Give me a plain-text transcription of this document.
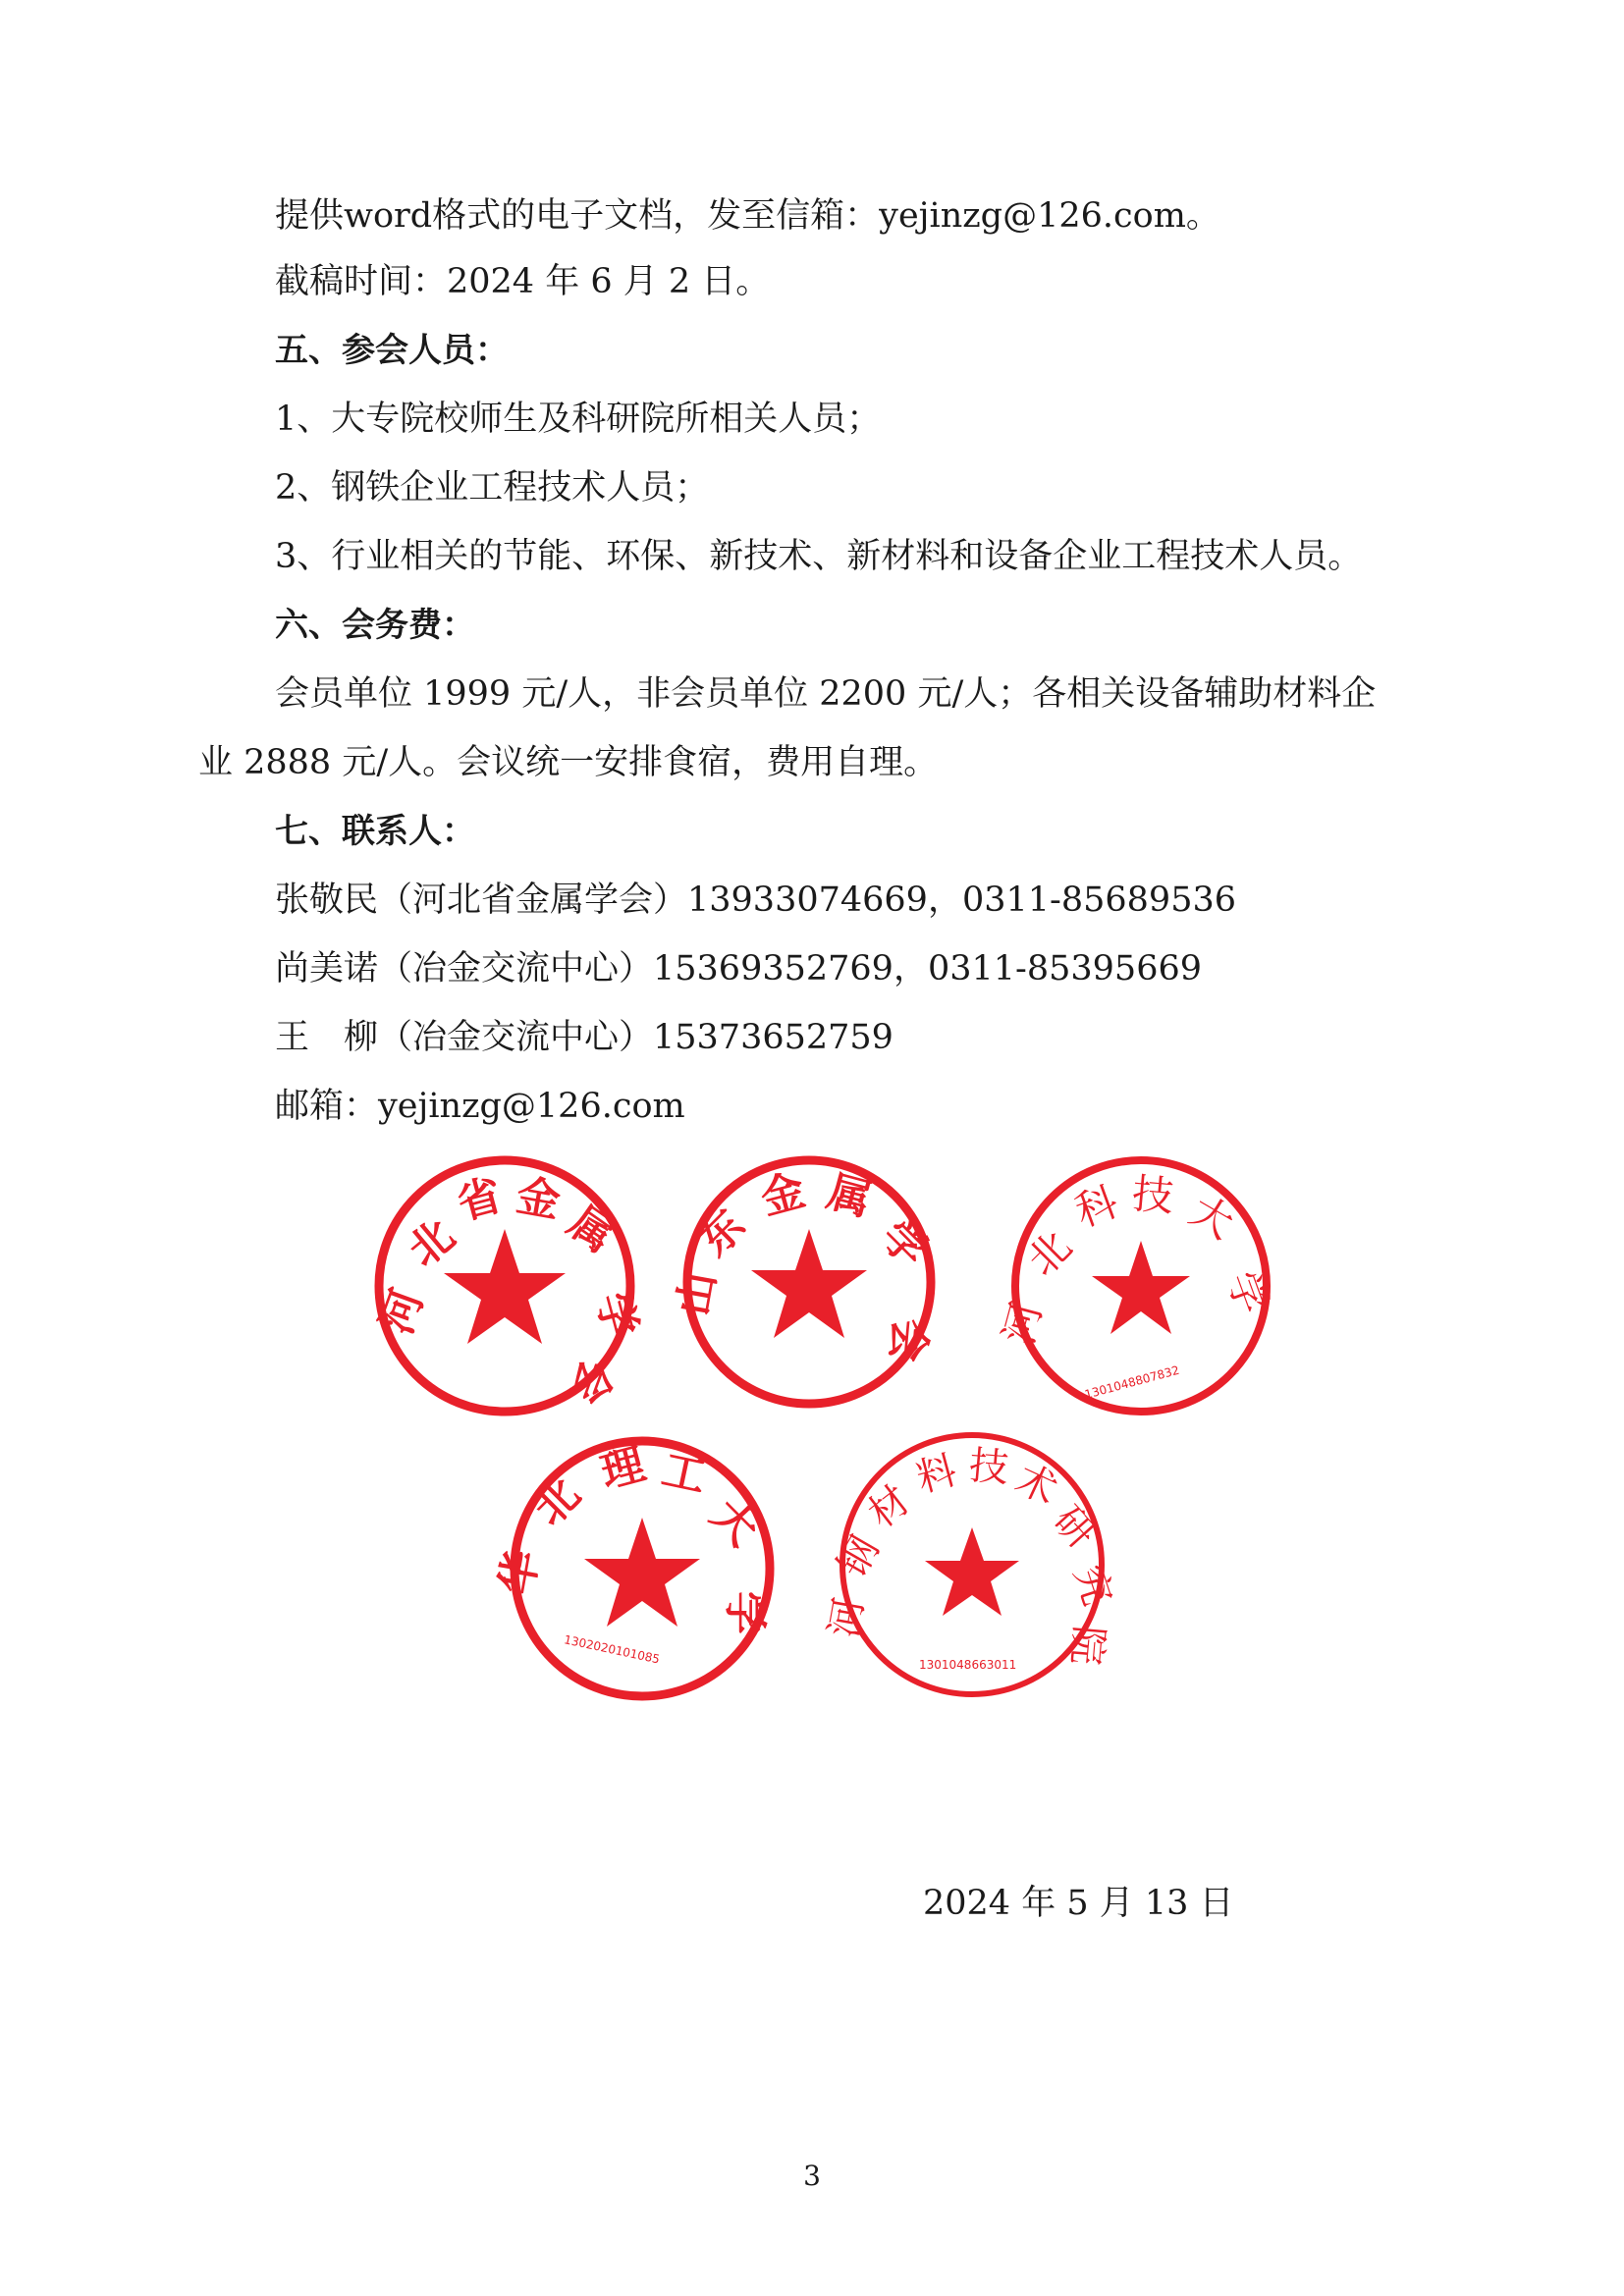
提供word格式的电子文档，发至信箱：yejinzg@126.com。
截稿时间：2024 年 6 月 2 日。
五、参会人员：
1、大专院校师生及科研院所相关人员；
2、钢铁企业工程技术人员；
3、行业相关的节能、环保、新技术、新材料和设备企业工程技术人员。
六、会务费：
会员单位 1999 元/人，非会员单位 2200 元/人；各相关设备辅助材料企
业 2888 元/人。会议统一安排食宿，费用自理。
七、联系人：
张敬民（河北省金属学会）13933074669，0311-85689536
尚美诺（冶金交流中心）15369352769，0311-85395669
王　柳（冶金交流中心）15373652759
邮箱：yejinzg@126.com
河
北
省 金
属
学
会
山
东
金 属
学
会 河
北
科 技 大
学
1301048807832
华
北
理 工
大
学
1302020101085
河
钢
材
料 技
术
研
究
院
1301048663011
2024 年 5 月 13 日
3
